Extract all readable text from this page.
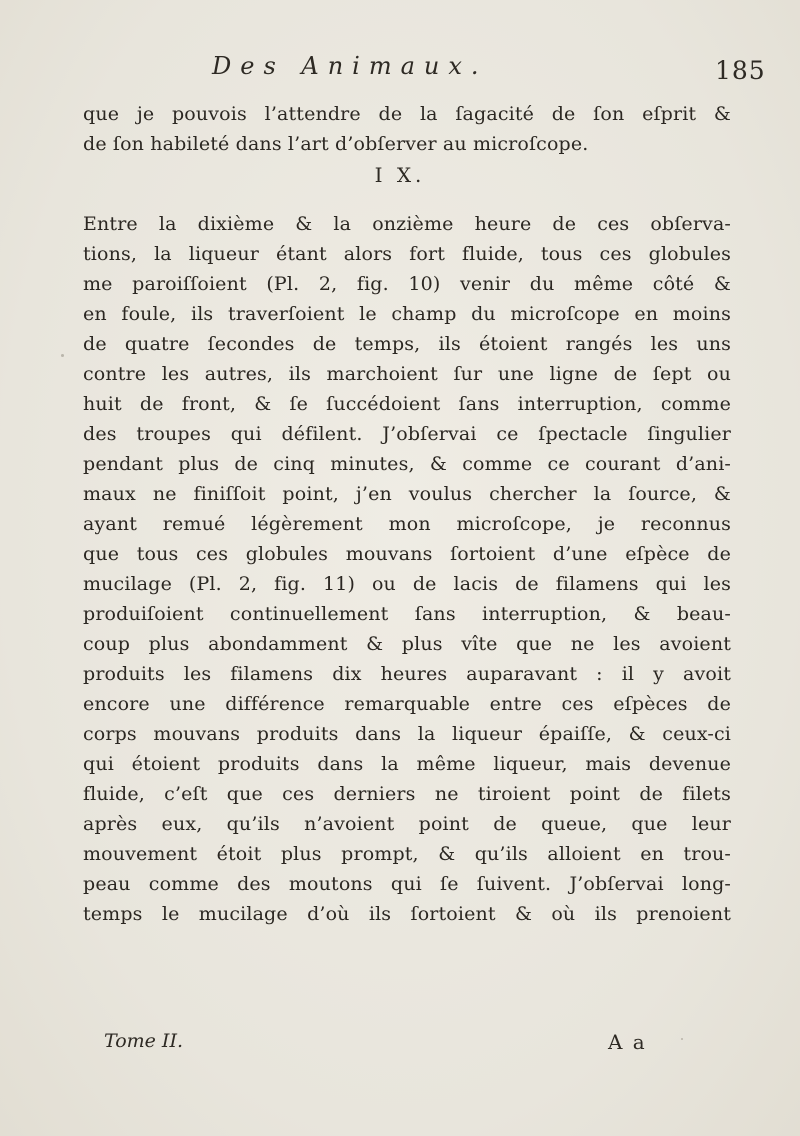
Des Animaux.	185
que je pouvois l’attendre de la ſagacité de ſon eſprit &
de ſon habileté dans l’art d’obſerver au microſcope.
I X.
Entre la dixième & la onzième heure de ces obſerva-
tions, la liqueur étant alors fort fluide, tous ces globules
me paroiſſoient (Pl. 2, fig. 10) venir du même côté &
en foule, ils traverſoient le champ du microſcope en moins
de quatre ſecondes de temps, ils étoient rangés les uns
contre les autres, ils marchoient ſur une ligne de ſept ou
huit de front, & ſe ſuccédoient ſans interruption, comme
des troupes qui défilent. J’obſervai ce ſpectacle ſingulier
pendant plus de cinq minutes, & comme ce courant d’ani-
maux ne finiſſoit point, j’en voulus chercher la ſource, &
ayant remué légèrement mon microſcope, je reconnus
que tous ces globules mouvans ſortoient d’une eſpèce de
mucilage (Pl. 2, fig. 11) ou de lacis de filamens qui les
produiſoient continuellement ſans interruption, & beau-
coup plus abondamment & plus vîte que ne les avoient
produits les filamens dix heures auparavant : il y avoit
encore une différence remarquable entre ces eſpèces de
corps mouvans produits dans la liqueur épaiſſe, & ceux-ci
qui étoient produits dans la même liqueur, mais devenue
fluide, c’eſt que ces derniers ne tiroient point de filets
après eux, qu’ils n’avoient point de queue, que leur
mouvement étoit plus prompt, & qu’ils alloient en trou-
peau comme des moutons qui ſe ſuivent. J’obſervai long-
temps le mucilage d’où ils ſortoient & où ils prenoient
Tome II.	A a
